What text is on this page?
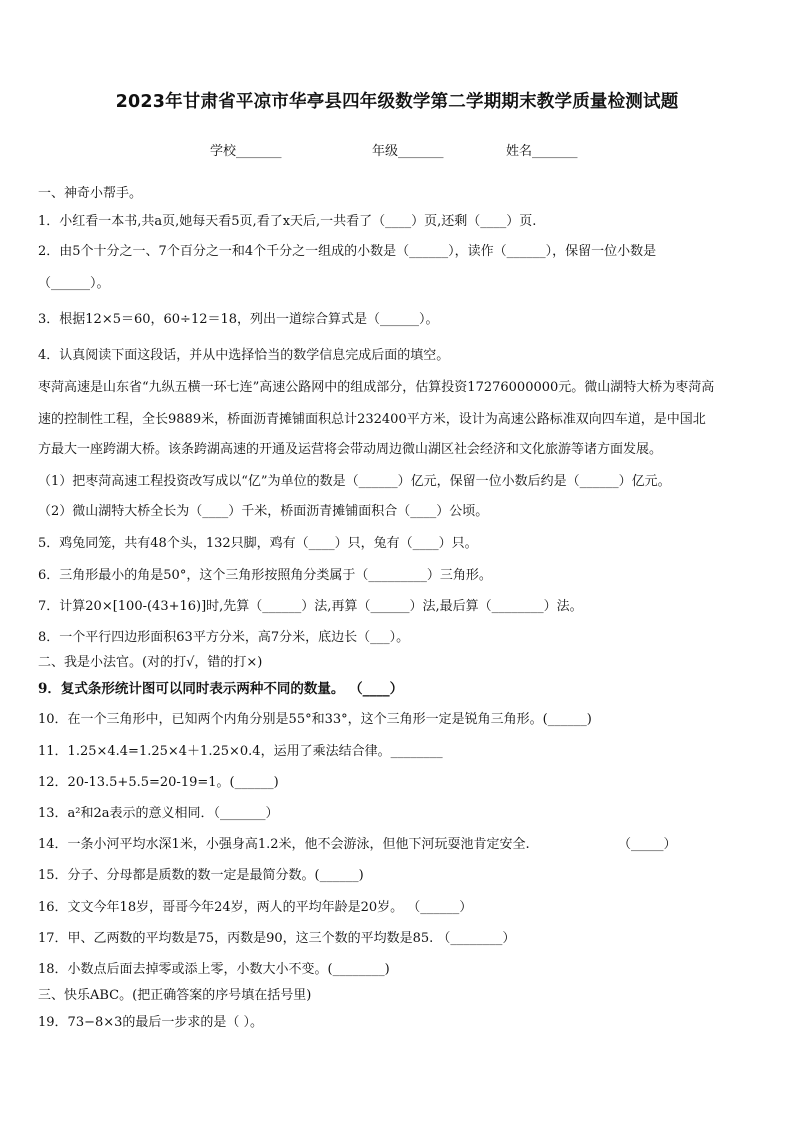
2023年甘肃省平凉市华亭县四年级数学第二学期期末教学质量检测试题
学校_______	年级_______	姓名_______
一、神奇小帮手。
1．小红看一本书,共a页,她每天看5页,看了x天后,一共看了（____）页,还剩（____）页.
2．由5个十分之一、7个百分之一和4个千分之一组成的小数是（______），读作（______），保留一位小数是
（______）。
3．根据12×5＝60，60÷12＝18，列出一道综合算式是（______）。
4．认真阅读下面这段话，并从中选择恰当的数学信息完成后面的填空。
枣菏高速是山东省“九纵五横一环七连”高速公路网中的组成部分，估算投资17276000000元。微山湖特大桥为枣菏高
速的控制性工程，全长9889米，桥面沥青摊铺面积总计232400平方米，设计为高速公路标准双向四车道，是中国北
方最大一座跨湖大桥。该条跨湖高速的开通及运营将会带动周边微山湖区社会经济和文化旅游等诸方面发展。
（1）把枣菏高速工程投资改写成以“亿”为单位的数是（______）亿元，保留一位小数后约是（______）亿元。
（2）微山湖特大桥全长为（____）千米，桥面沥青摊铺面积合（____）公顷。
5．鸡兔同笼，共有48个头，132只脚，鸡有（____）只，兔有（____）只。
6．三角形最小的角是50°，这个三角形按照角分类属于（_________）三角形。
7．计算20×[100-(43+16)]时,先算（______）法,再算（______）法,最后算（________）法。
8．一个平行四边形面积63平方分米，高7分米，底边长（___）。
二、我是小法官。(对的打√，错的打×)
9．复式条形统计图可以同时表示两种不同的数量。 （____）
10．在一个三角形中，已知两个内角分别是55°和33°，这个三角形一定是锐角三角形。(______)
11．1.25×4.4=1.25×4＋1.25×0.4，运用了乘法结合律。________
12．20-13.5+5.5=20-19=1。(______)
13．a²和2a表示的意义相同．（_______）
14．一条小河平均水深1米，小强身高1.2米，他不会游泳，但他下河玩耍池肯定安全.	（_____）
15．分子、分母都是质数的数一定是最简分数。(______)
16．文文今年18岁，哥哥今年24岁，两人的平均年龄是20岁。 （______）
17．甲、乙两数的平均数是75，丙数是90，这三个数的平均数是85. （________）
18．小数点后面去掉零或添上零，小数大小不变。(________)
三、快乐ABC。(把正确答案的序号填在括号里)
19．73−8×3的最后一步求的是（ ）。
